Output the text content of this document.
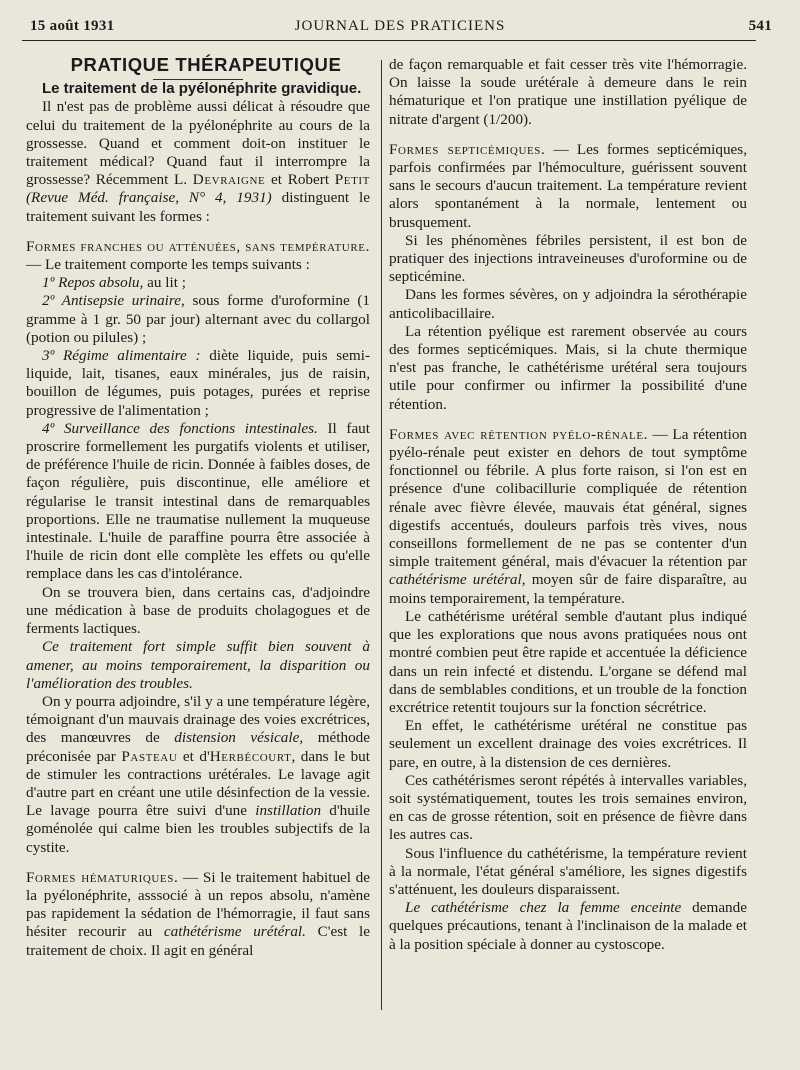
15 août 1931	JOURNAL DES PRATICIENS	541

PRATIQUE THÉRAPEUTIQUE

Le traitement de la pyélonéphrite gravidique.

Il n'est pas de problème aussi délicat à résoudre que celui du traitement de la pyélonéphrite au cours de la grossesse. Quand et comment doit-on instituer le traitement médical? Quand faut il interrompre la grossesse? Récemment L. Devraigne et Robert Petit (Revue Méd. française, N° 4, 1931) distinguent le traitement suivant les formes :

Formes franches ou atténuées, sans température. — Le traitement comporte les temps suivants :

1º Repos absolu, au lit ;

2º Antisepsie urinaire, sous forme d'uroformine (1 gramme à 1 gr. 50 par jour) alternant avec du collargol (potion ou pilules) ;

3º Régime alimentaire : diète liquide, puis semi-liquide, lait, tisanes, eaux minérales, jus de raisin, bouillon de légumes, puis potages, purées et reprise progressive de l'alimentation ;

4º Surveillance des fonctions intestinales. Il faut proscrire formellement les purgatifs violents et utiliser, de préférence l'huile de ricin. Donnée à faibles doses, de façon régulière, puis discontinue, elle améliore et régularise le transit intestinal dans de remarquables proportions. Elle ne traumatise nullement la muqueuse intestinale. L'huile de paraffine pourra être associée à l'huile de ricin dont elle complète les effets ou qu'elle remplace dans les cas d'intolérance.

On se trouvera bien, dans certains cas, d'adjoindre une médication à base de produits cholagogues et de ferments lactiques.

Ce traitement fort simple suffit bien souvent à amener, au moins temporairement, la disparition ou l'amélioration des troubles.

On y pourra adjoindre, s'il y a une température légère, témoignant d'un mauvais drainage des voies excrétrices, des manœuvres de distension vésicale, méthode préconisée par Pasteau et d'Herbécourt, dans le but de stimuler les contractions urétérales. Le lavage agit d'autre part en créant une utile désinfection de la vessie. Le lavage pourra être suivi d'une instillation d'huile goménolée qui calme bien les troubles subjectifs de la cystite.

Formes hématuriques. — Si le traitement habituel de la pyélonéphrite, asssocié à un repos absolu, n'amène pas rapidement la sédation de l'hémorragie, il faut sans hésiter recourir au cathétérisme urétéral. C'est le traitement de choix. Il agit en général

de façon remarquable et fait cesser très vite l'hémorragie. On laisse la soude urétérale à demeure dans le rein hématurique et l'on pratique une instillation pyélique de nitrate d'argent (1/200).

Formes septicémiques. — Les formes septicémiques, parfois confirmées par l'hémoculture, guérissent souvent sans le secours d'aucun traitement. La température revient alors spontanément à la normale, lentement ou brusquement.

Si les phénomènes fébriles persistent, il est bon de pratiquer des injections intraveineuses d'uroformine ou de septicémine.

Dans les formes sévères, on y adjoindra la sérothérapie anticolibacillaire.

La rétention pyélique est rarement observée au cours des formes septicémiques. Mais, si la chute thermique n'est pas franche, le cathétérisme urétéral sera toujours utile pour confirmer ou infirmer la possibilité d'une rétention.

Formes avec rétention pyélo-rénale. — La rétention pyélo-rénale peut exister en dehors de tout symptôme fonctionnel ou fébrile. A plus forte raison, si l'on est en présence d'une colibacillurie compliquée de rétention rénale avec fièvre élevée, mauvais état général, signes digestifs accentués, douleurs parfois très vives, nous conseillons formellement de ne pas se contenter d'un simple traitement général, mais d'évacuer la rétention par cathétérisme urétéral, moyen sûr de faire disparaître, au moins temporairement, la température.

Le cathétérisme urétéral semble d'autant plus indiqué que les explorations que nous avons pratiquées nous ont montré combien peut être rapide et accentuée la déficience dans un rein infecté et distendu. L'organe se défend mal dans de semblables conditions, et un trouble de la fonction excrétrice retentit toujours sur la fonction sécrétrice.

En effet, le cathétérisme urétéral ne constitue pas seulement un excellent drainage des voies excrétrices. Il pare, en outre, à la distension de ces dernières.

Ces cathétérismes seront répétés à intervalles variables, soit systématiquement, toutes les trois semaines environ, en cas de grosse rétention, soit en présence de fièvre dans les autres cas.

Sous l'influence du cathétérisme, la température revient à la normale, l'état général s'améliore, les signes digestifs s'atténuent, les douleurs disparaissent.

Le cathétérisme chez la femme enceinte demande quelques précautions, tenant à l'inclinaison de la malade et à la position spéciale à donner au cystoscope.
